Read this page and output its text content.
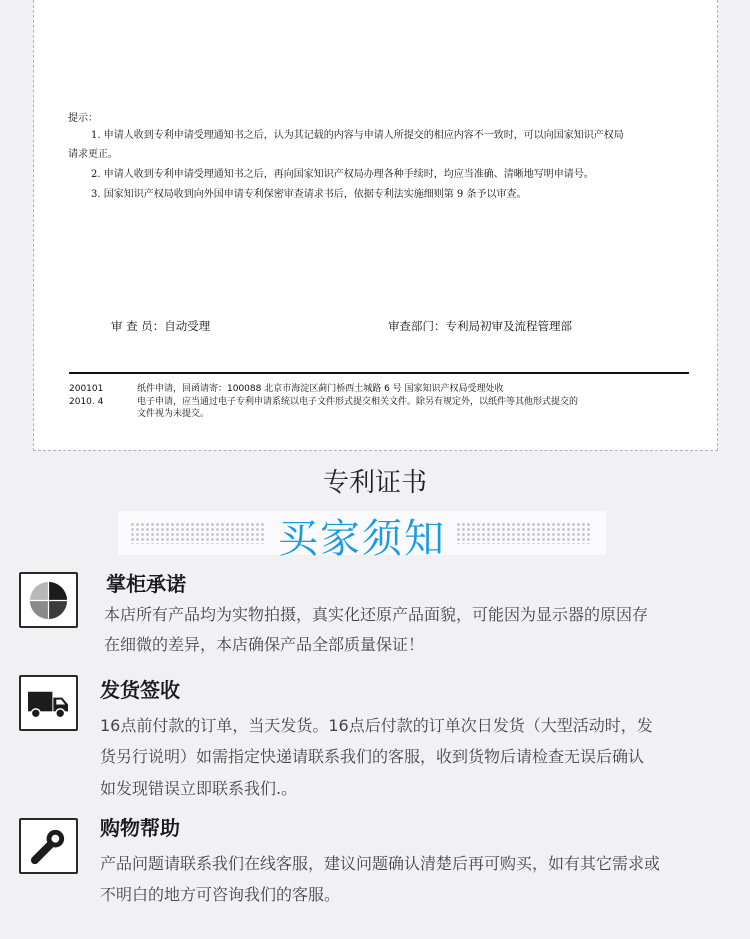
提示：
1. 申请人收到专利申请受理通知书之后，认为其记载的内容与申请人所提交的相应内容不一致时，可以向国家知识产权局
请求更正。
2. 申请人收到专利申请受理通知书之后，再向国家知识产权局办理各种手续时，均应当准确、清晰地写明申请号。
3. 国家知识产权局收到向外国申请专利保密审查请求书后，依据专利法实施细则第 9 条予以审查。
审 查 员：自动受理	审查部门：专利局初审及流程管理部
200101
2010. 4
纸件申请，回函请寄：100088 北京市海淀区蓟门桥西土城路 6 号 国家知识产权局受理处收
电子申请，应当通过电子专利申请系统以电子文件形式提交相关文件。除另有规定外，以纸件等其他形式提交的
文件视为未提交。
专利证书
买家须知
掌柜承诺
本店所有产品均为实物拍摄，真实化还原产品面貌，可能因为显示器的原因存
在细微的差异，本店确保产品全部质量保证！
发货签收
16点前付款的订单，当天发货。16点后付款的订单次日发货（大型活动时，发
货另行说明）如需指定快递请联系我们的客服，收到货物后请检查无误后确认
如发现错误立即联系我们.。
购物帮助
产品问题请联系我们在线客服，建议问题确认清楚后再可购买，如有其它需求或
不明白的地方可咨询我们的客服。
